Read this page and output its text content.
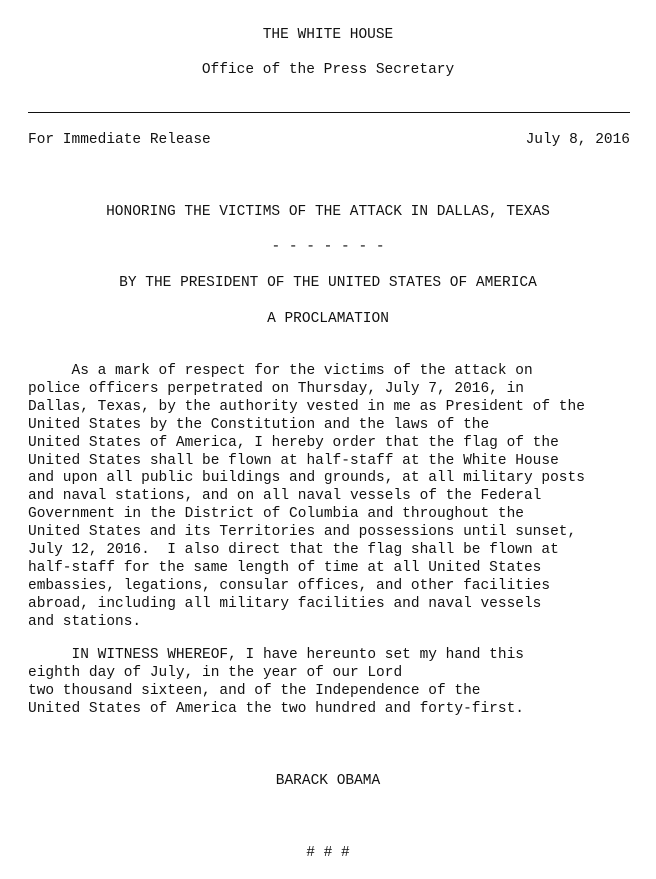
THE WHITE HOUSE
Office of the Press Secretary

For Immediate Release

	July 8, 2016

HONORING THE VICTIMS OF THE ATTACK IN DALLAS, TEXAS
- - - - - - -
BY THE PRESIDENT OF THE UNITED STATES OF AMERICA
A PROCLAMATION
As a mark of respect for the victims of the attack on
police officers perpetrated on Thursday, July 7, 2016, in
Dallas, Texas, by the authority vested in me as President of the
United States by the Constitution and the laws of the
United States of America, I hereby order that the flag of the
United States shall be flown at half-staff at the White House
and upon all public buildings and grounds, at all military posts
and naval stations, and on all naval vessels of the Federal
Government in the District of Columbia and throughout the
United States and its Territories and possessions until sunset,
July 12, 2016.  I also direct that the flag shall be flown at
half-staff for the same length of time at all United States
embassies, legations, consular offices, and other facilities
abroad, including all military facilities and naval vessels
and stations.
IN WITNESS WHEREOF, I have hereunto set my hand this
eighth day of July, in the year of our Lord
two thousand sixteen, and of the Independence of the
United States of America the two hundred and forty-first.
BARACK OBAMA
# # #
